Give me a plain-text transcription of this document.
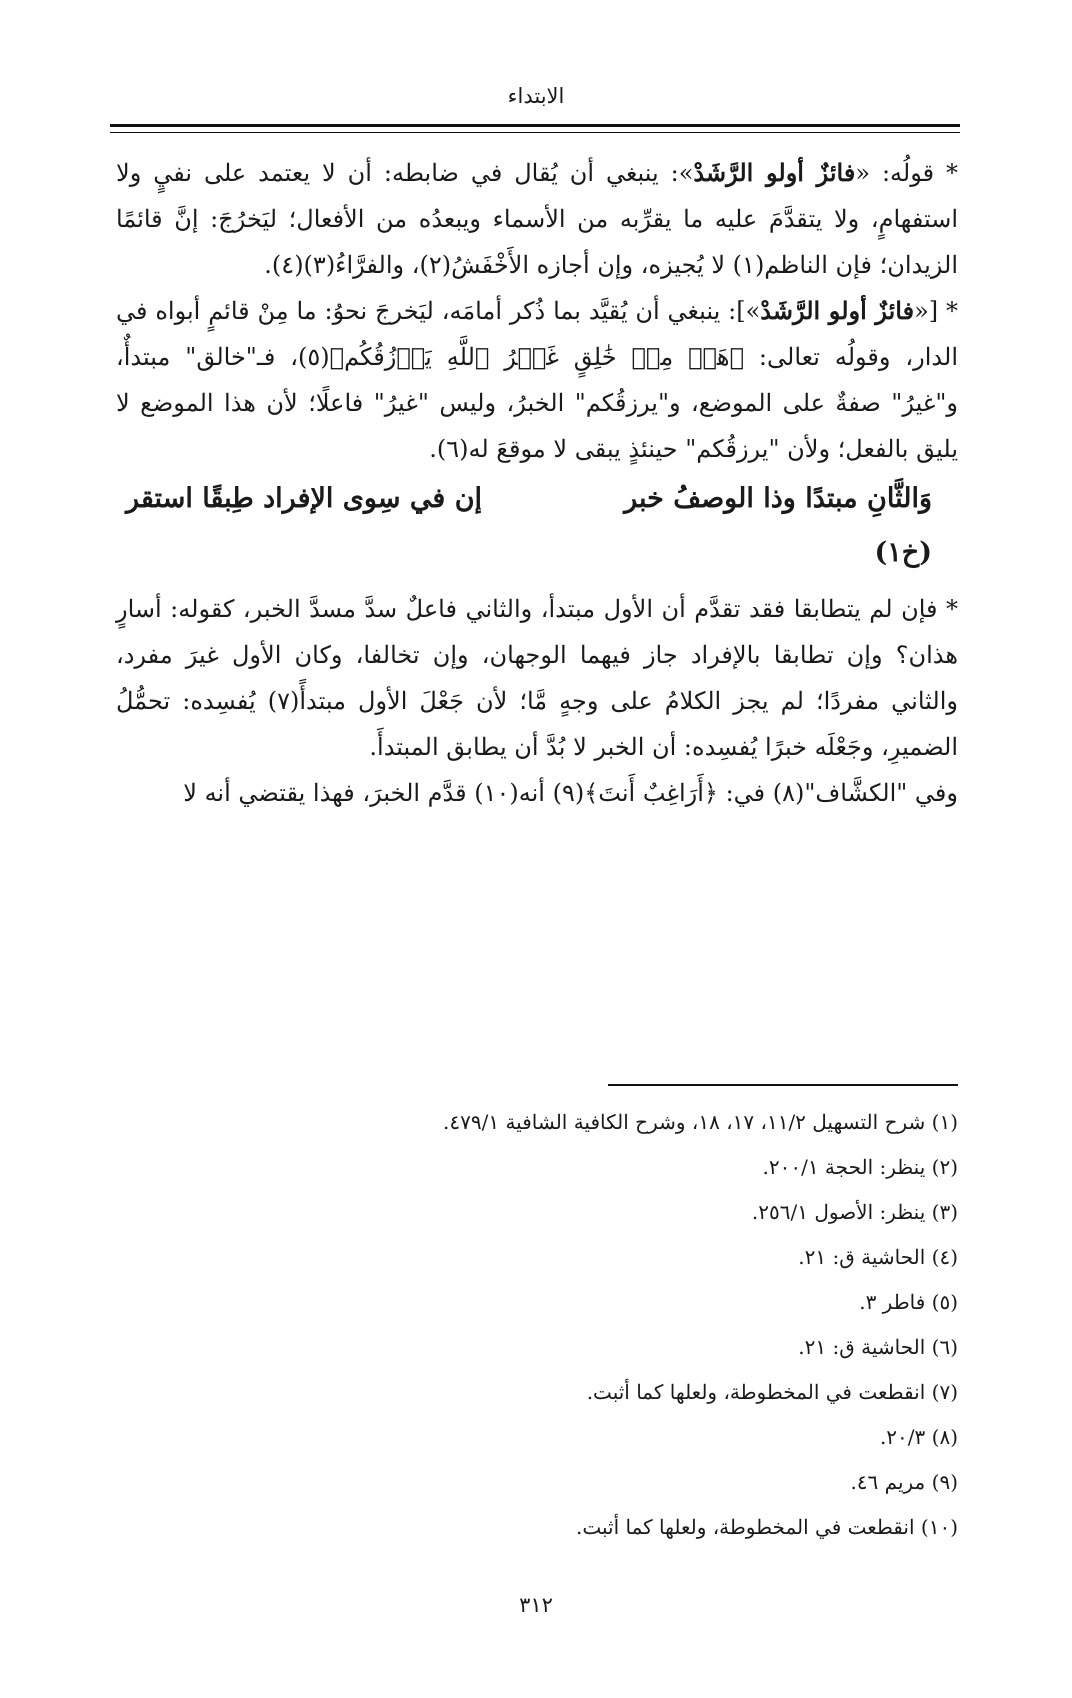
الابتداء

* قولُه: «فائزٌ أولو الرَّشَدْ»: ينبغي أن يُقال في ضابطه: أن لا يعتمد على نفيٍ ولا استفهامٍ، ولا يتقدَّمَ عليه ما يقرِّبه من الأسماء ويبعدُه من الأفعال؛ ليَخرُجَ: إنَّ قائمًا الزيدان؛ فإن الناظم(١) لا يُجيزه، وإن أجازه الأَخْفَشُ(٢)، والفرَّاءُ(٣)(٤).

* [«فائزٌ أولو الرَّشَدْ»]: ينبغي أن يُقيَّد بما ذُكر أمامَه، ليَخرجَ نحوُ: ما مِنْ قائمٍ أبواه في الدار، وقولُه تعالى: ﴿هَلۡ مِنۡ خَٰلِقٍ غَيۡرُ ٱللَّهِ يَرۡزُقُكُم﴾(٥)، فـ"خالق" مبتدأٌ، و"غيرُ" صفةٌ على الموضع، و"يرزقُكم" الخبرُ، وليس "غيرُ" فاعلًا؛ لأن هذا الموضع لا يليق بالفعل؛ ولأن "يرزقُكم" حينئذٍ يبقى لا موقعَ له(٦).

وَالثَّانِ مبتدًا وذا الوصفُ خبر
إن في سِوى الإفراد طِبقًا استقر
(خ١)

* فإن لم يتطابقا فقد تقدَّم أن الأول مبتدأ، والثاني فاعلٌ سدَّ مسدَّ الخبر، كقوله: أسارٍ هذان؟ وإن تطابقا بالإفراد جاز فيهما الوجهان، وإن تخالفا، وكان الأول غيرَ مفرد، والثاني مفردًا؛ لم يجز الكلامُ على وجهٍ مَّا؛ لأن جَعْلَ الأول مبتدأً(٧) يُفسِده: تحمُّلُ الضميرِ، وجَعْلَه خبرًا يُفسِده: أن الخبر لا بُدَّ أن يطابق المبتدأَ.

وفي "الكشَّاف"(٨) في: ﴿أَرَاغِبٌ أَنتَ﴾(٩) أنه(١٠) قدَّم الخبرَ، فهذا يقتضي أنه لا

(١) شرح التسهيل ١١/٢، ١٧، ١٨، وشرح الكافية الشافية ٤٧٩/١.
(٢) ينظر: الحجة ٢٠٠/١.
(٣) ينظر: الأصول ٢٥٦/١.
(٤) الحاشية ق: ٢١.
(٥) فاطر ٣.
(٦) الحاشية ق: ٢١.
(٧) انقطعت في المخطوطة، ولعلها كما أثبت.
(٨) ٢٠/٣.
(٩) مريم ٤٦.
(١٠) انقطعت في المخطوطة، ولعلها كما أثبت.
٣١٢
